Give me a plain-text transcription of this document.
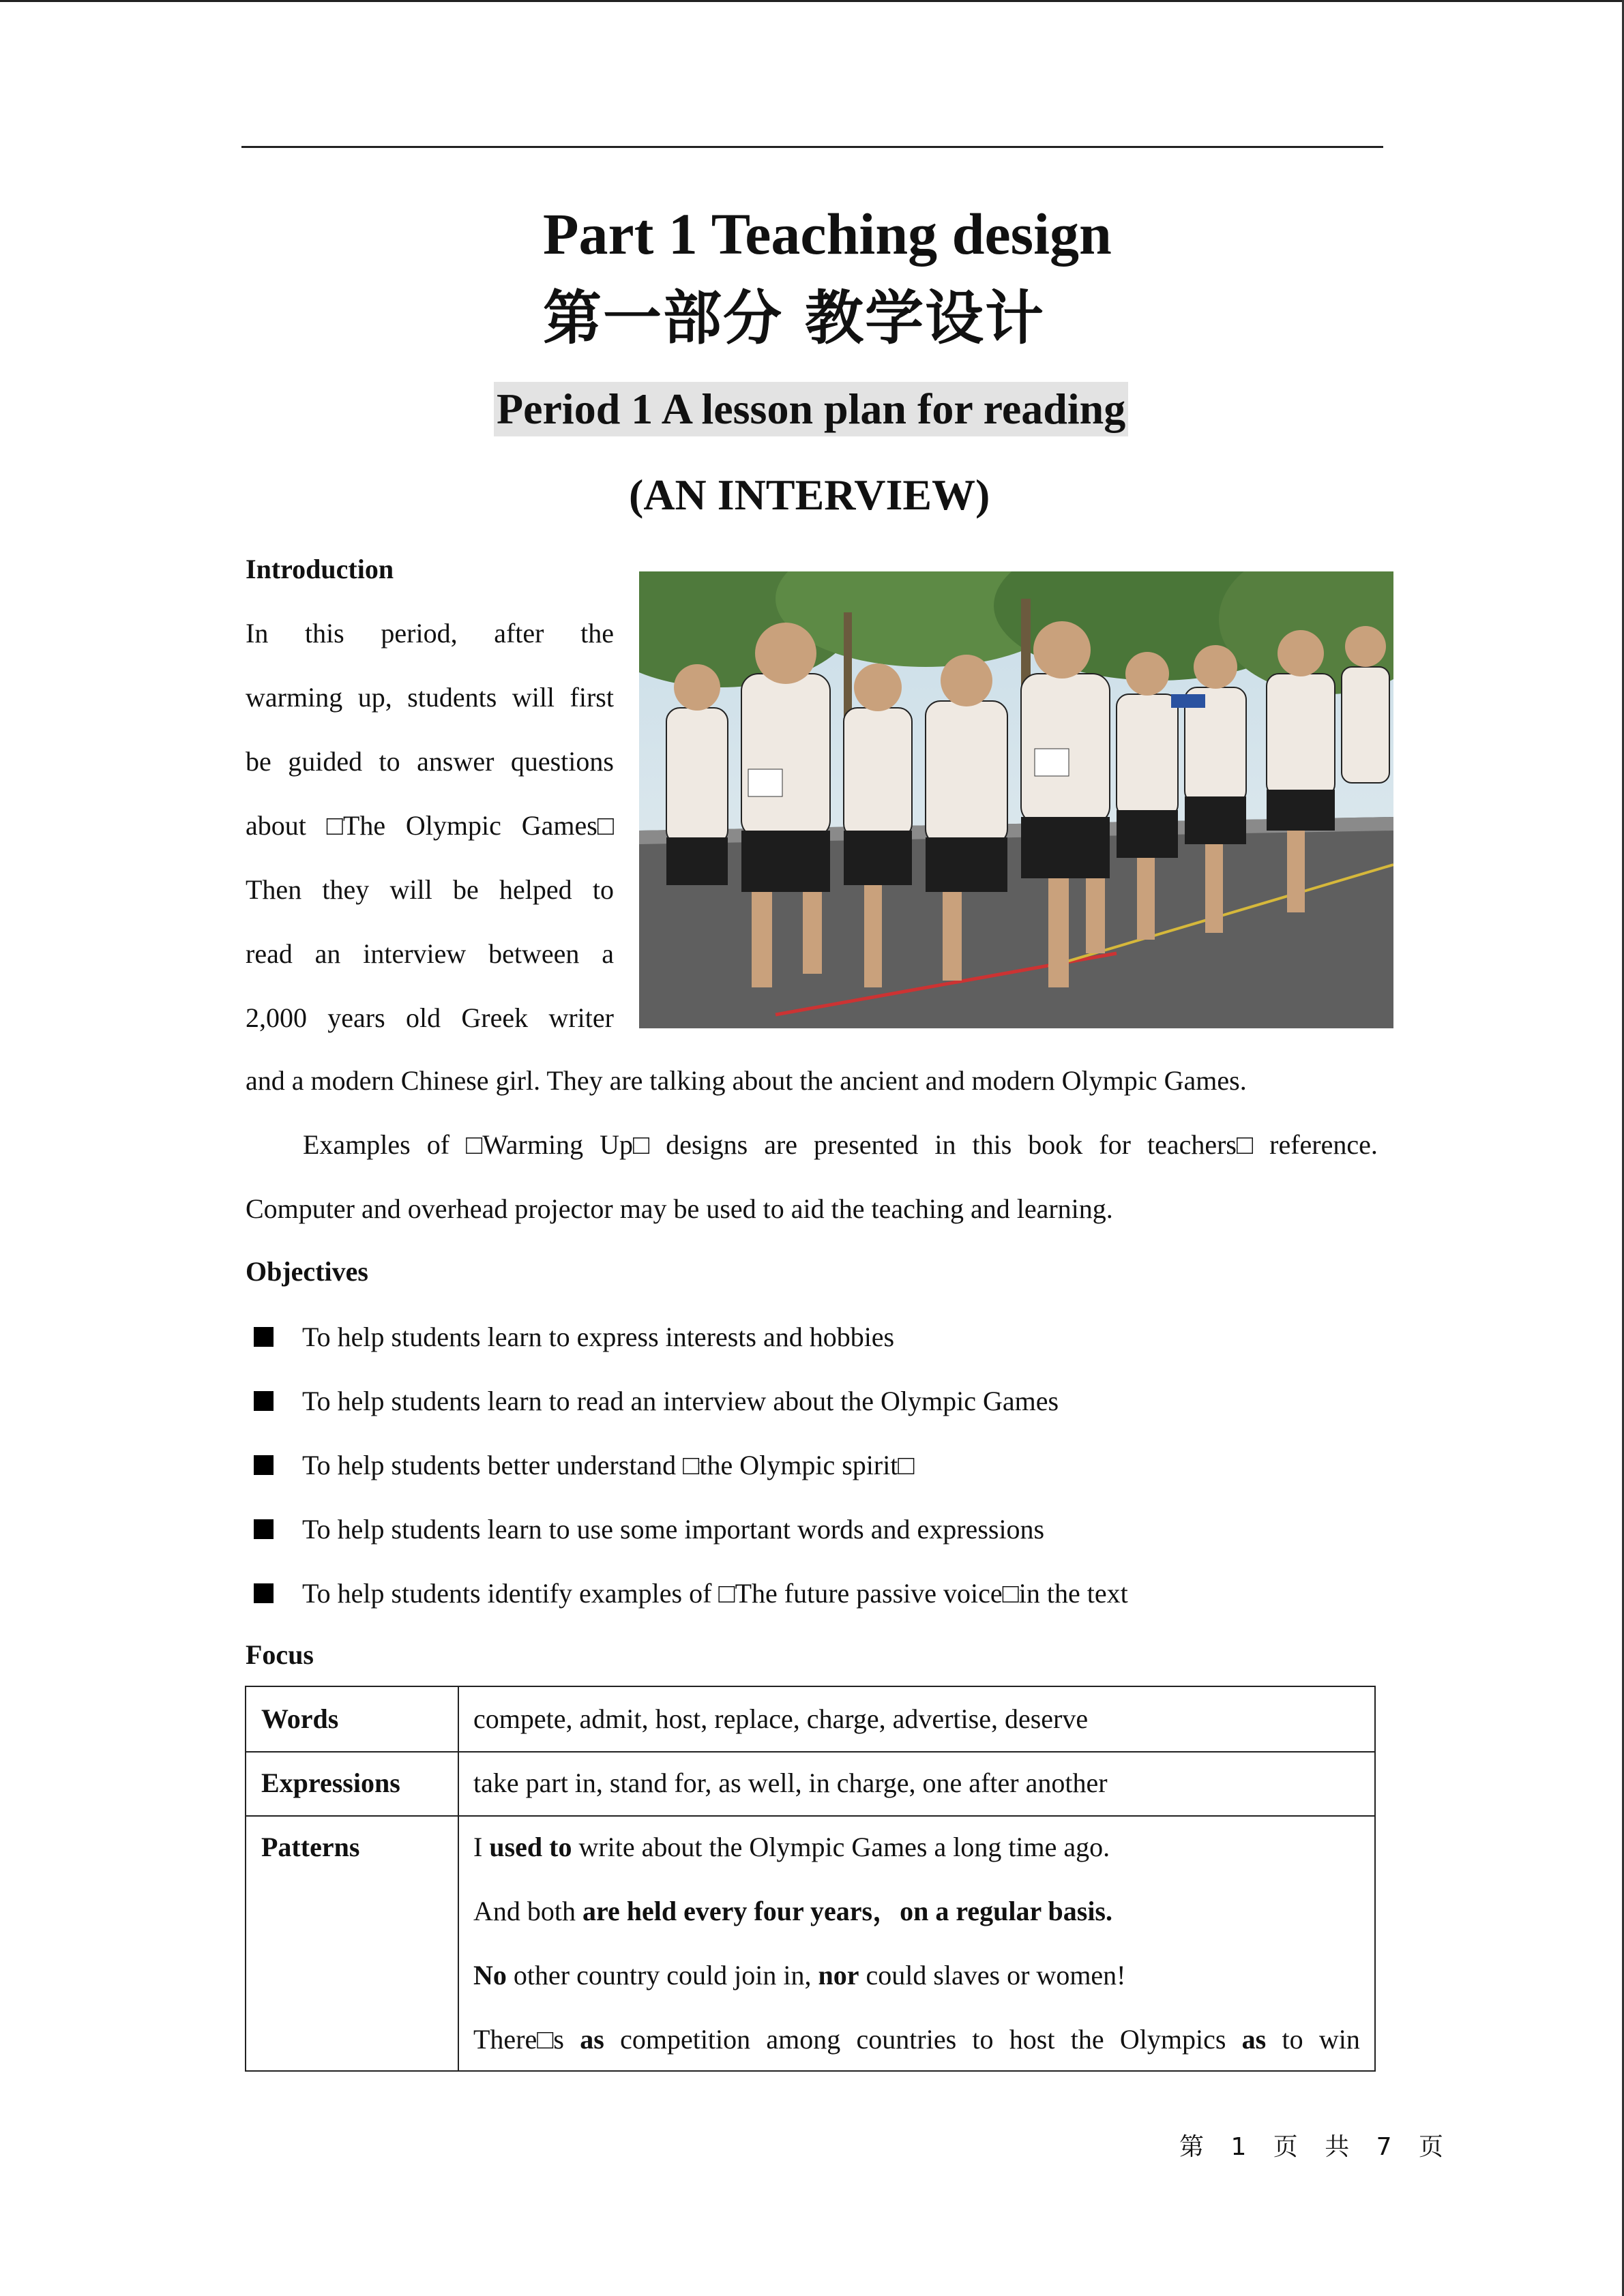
Part 1 Teaching design
第一部分 教学设计
Period 1 A lesson plan for reading
(AN INTERVIEW)
Introduction
In this period, after the
warming up, students will first
be guided to answer questions
about □The Olympic Games□
Then they will be helped to
read an interview between a
2,000 years old Greek writer
and a modern Chinese girl. They are talking about the ancient and modern Olympic Games.
Examples of □Warming Up□ designs are presented in this book for teachers□ reference.
Computer and overhead projector may be used to aid the teaching and learning.
Objectives
To help students learn to express interests and hobbies
To help students learn to read an interview about the Olympic Games
To help students better understand □the Olympic spirit□
To help students learn to use some important words and expressions
To help students identify examples of □The future passive voice□in the text
Focus
Words	compete, admit, host, replace, charge, advertise, deserve
Expressions	take part in, stand for, as well, in charge, one after another
Patterns	I used to write about the Olympic Games a long time ago.
And both are held every four years，on a regular basis.
No other country could join in, nor could slaves or women!
There□s as competition among countries to host the Olympics as to win
第 1 页 共 7 页
